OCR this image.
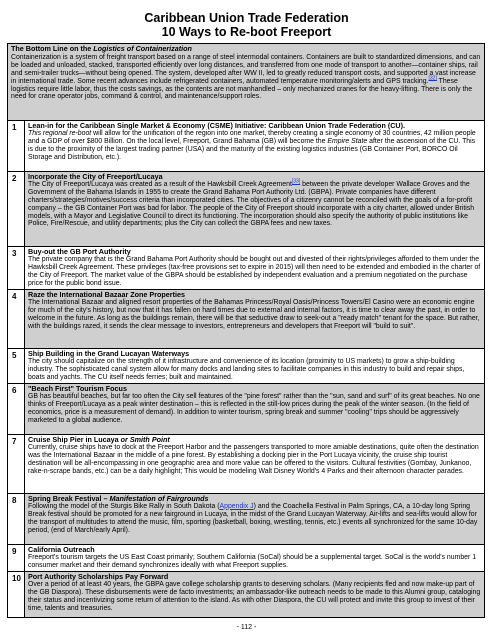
Caribbean Union Trade Federation
10 Ways to Re-boot Freeport
The Bottom Line on the Logistics of Containerization
Containerization is a system of freight transport based on a range of steel intermodal containers. Containers are built to standardized dimensions, and can be loaded and unloaded, stacked, transported efficiently over long distances, and transferred from one mode of transport to another—container ships, rail and semi-trailer trucks—without being opened. The system, developed after WW II, led to greatly reduced transport costs, and supported a vast increase in international trade. Some recent advances include refrigerated containers, automated temperature monitoring/alerts and GPS tracking.[32] These logistics require little labor, thus the costs savings, as the contents are not manhandled – only mechanized cranes for the heavy-lifting. There is only the need for crane operator jobs, command & control, and maintenance/support roles.
1	Lean-in for the Caribbean Single Market & Economy (CSME) Initiative: Caribbean Union Trade Federation (CU).
This regional re-boot will allow for the unification of the region into one market, thereby creating a single economy of 30 countries, 42 million people and a GDP of over $800 Billion. On the local level, Freeport, Grand Bahama (GB) will become the Empire State after the ascension of the CU. This is due to the proximity of the largest trading partner (USA) and the maturity of the existing logistics industries (GB Container Port, BORCO Oil Storage and Distribution, etc.).
2	Incorporate the City of Freeport/Lucaya
The City of Freeport/Lucaya was created as a result of the Hawksbill Creek Agreement[33] between the private developer Wallace Groves and the Government of the Bahama Islands in 1955 to create the Grand Bahama Port Authority Ltd. (GBPA). Private companies have different charters/strategies/motives/success criteria than incorporated cities. The objectives of a citizenry cannot be reconciled with the goals of a for-profit company – the GB Container Port was bad for labor. The people of the City of Freeport should incorporate with a city charter, allowed under British models, with a Mayor and Legislative Council to direct its functioning. The incorporation should also specify the authority of public institutions like Police, Fire/Rescue, and utility departments; plus the City can collect the GBPA fees and new taxes.
3	Buy-out the GB Port Authority
The private company that is the Grand Bahama Port Authority should be bought out and divested of their rights/privileges afforded to them under the Hawksbill Creek Agreement. These privileges (tax-free provisions set to expire in 2015) will then need to be extended and embodied in the charter of the City of Freeport. The market value of the GBPA should be established by independent evaluation and a premium negotiated on the purchase price for the public bond issue.
4	Raze the International Bazaar Zone Properties
The International Bazaar and aligned resort properties of the Bahamas Princess/Royal Oasis/Princess Towers/El Casino were an economic engine for much of the city's history, but now that it has fallen on hard times due to external and internal factors, it is time to clear away the past, in order to welcome in the future. As long as the buildings remain, there will be that seductive draw to seek-out a "ready match" tenant for the space. But rather, with the buildings razed, it sends the clear message to investors, entrepreneurs and developers that Freeport will "build to suit".
5	Ship Building in the Grand Lucayan Waterways
The city should capitalize on the strength of it infrastructure and convenience of its location (proximity to US markets) to grow a ship-building industry. The sophisticated canal system allow for many docks and landing sites to facilitate companies in this industry to build and repair ships, boats and yachts. The CU itself needs ferries; built and maintained.
6	"Beach First" Tourism Focus
GB has beautiful beaches, but far too often the City sell features of the "pine forest" rather than the "sun, sand and surf" of its great beaches. No one thinks of Freeport/Lucaya as a peak winter destination – this is reflected in the still-low prices during the peak of the winter season. (In the field of economics, price is a measurement of demand). In addition to winter tourism, spring break and summer "cooling" trips should be aggressively marketed to a global audience.
7	Cruise Ship Pier in Lucaya or Smith Point
Currently, cruise ships have to dock at the Freeport Harbor and the passengers transported to more amiable destinations, quite often the destination was the International Bazaar in the middle of a pine forest. By establishing a docking pier in the Port Lucaya vicinity, the cruise ship tourist destination will be all-encompassing in one geographic area and more value can be offered to the visitors. Cultural festivities (Gombay, Junkanoo, rake-n-scrape bands, etc.) can be a daily highlight; This would be modeling Walt Disney World's 4 Parks and their afternoon character parades.
8	Spring Break Festival – Manifestation of Fairgrounds
Following the model of the Sturgis Bike Rally in South Dakota (Appendix J) and the Coachella Festival in Palm Springs, CA, a 10-day long Spring Break festival should be promoted for a new fairground in Lucaya, in the midst of the Grand Lucayan Waterway. Air-lifts and sea-lifts would allow for the transport of multitudes to attend the music, film, sporting (basketball, boxing, wrestling, tennis, etc.) events all synchronized for the same 10-day period, (end of March/early April).
9	California Outreach
Freeport's tourism targets the US East Coast primarily; Southern California (SoCal) should be a supplemental target. SoCal is the world's number 1 consumer market and their demand synchronizes ideally with what Freeport supplies.
10 Port Authority Scholarships Pay Forward
Over a period of at least 40 years, the GBPA gave college scholarship grants to deserving scholars. (Many recipients fled and now make-up part of the GB Diaspora). These disbursements were de facto investments; an ambassador-like outreach needs to be made to this Alumni group, cataloging their status and incentivizing some return of attention to the island. As with other Diaspora, the CU will protect and invite this group to invest of their time, talents and treasuries.
- 112 -
